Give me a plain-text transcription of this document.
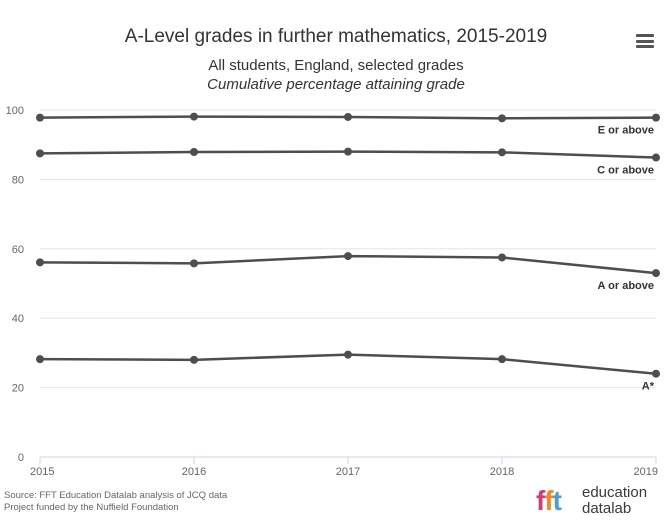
A-Level grades in further mathematics, 2015-2019
All students, England, selected grades
Cumulative percentage attaining grade
0
20
40
60
80
100
2015	2016	2017	2018	2019
E or above
C or above
A or above
A*
Source: FFT Education Datalab analysis of JCQ data
Project funded by the Nuffield Foundation	fft education
datalab
